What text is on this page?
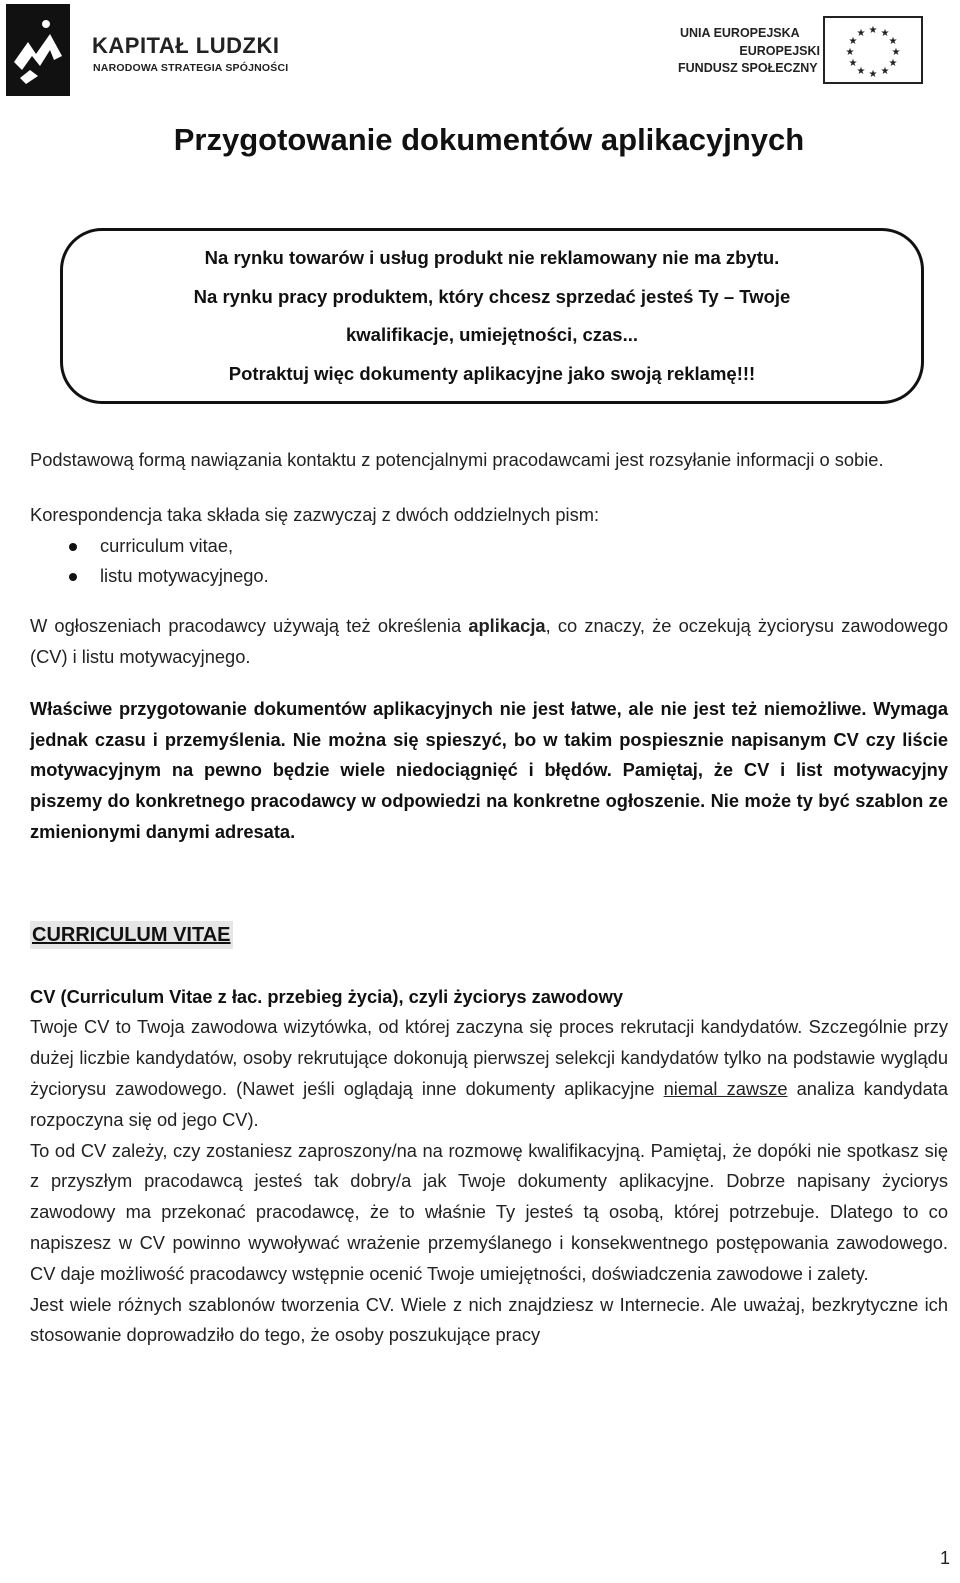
KAPITAŁ LUDZKI
NARODOWA STRATEGIA SPÓJNOŚCI
UNIA EUROPEJSKA
EUROPEJSKI
FUNDUSZ SPOŁECZNY
★ ★
★
★
★
★
★
★
★
★
★
★
Przygotowanie dokumentów aplikacyjnych
Na rynku towarów i usług produkt nie reklamowany nie ma zbytu.
Na rynku pracy produktem, który chcesz sprzedać jesteś Ty – Twoje
kwalifikacje, umiejętności, czas...
Potraktuj więc dokumenty aplikacyjne jako swoją reklamę!!!

Podstawową formą nawiązania kontaktu z potencjalnymi pracodawcami jest rozsyłanie informacji o sobie.

Korespondencja taka składa się zazwyczaj z dwóch oddzielnych pism:

curriculum vitae,
listu motywacyjnego.

W ogłoszeniach pracodawcy używają też określenia aplikacja, co znaczy, że oczekują życiorysu zawodowego (CV) i listu motywacyjnego.

Właściwe przygotowanie dokumentów aplikacyjnych nie jest łatwe, ale nie jest też niemożliwe. Wymaga jednak czasu i przemyślenia. Nie można się spieszyć, bo w takim pospiesznie napisanym CV czy liście motywacyjnym na pewno będzie wiele niedociągnięć i błędów. Pamiętaj, że CV i list motywacyjny piszemy do konkretnego pracodawcy w odpowiedzi na konkretne ogłoszenie. Nie może ty być szablon ze zmienionymi danymi adresata.

CURRICULUM VITAE

CV (Curriculum Vitae z łac. przebieg życia), czyli życiorys zawodowy

Twoje CV to Twoja zawodowa wizytówka, od której zaczyna się proces rekrutacji kandydatów. Szczególnie przy dużej liczbie kandydatów, osoby rekrutujące dokonują pierwszej selekcji kandydatów tylko na podstawie wyglądu życiorysu zawodowego. (Nawet jeśli oglądają inne dokumenty aplikacyjne niemal zawsze analiza kandydata rozpoczyna się od jego CV).

To od CV zależy, czy zostaniesz zaproszony/na na rozmowę kwalifikacyjną. Pamiętaj, że dopóki nie spotkasz się z przyszłym pracodawcą jesteś tak dobry/a jak Twoje dokumenty aplikacyjne. Dobrze napisany życiorys zawodowy ma przekonać pracodawcę, że to właśnie Ty jesteś tą osobą, której potrzebuje. Dlatego to co napiszesz w CV powinno wywoływać wrażenie przemyślanego i konsekwentnego postępowania zawodowego. CV daje możliwość pracodawcy wstępnie ocenić Twoje umiejętności, doświadczenia zawodowe i zalety.

Jest wiele różnych szablonów tworzenia CV. Wiele z nich znajdziesz w Internecie. Ale uważaj, bezkrytyczne ich stosowanie doprowadziło do tego, że osoby poszukujące pracy

1
